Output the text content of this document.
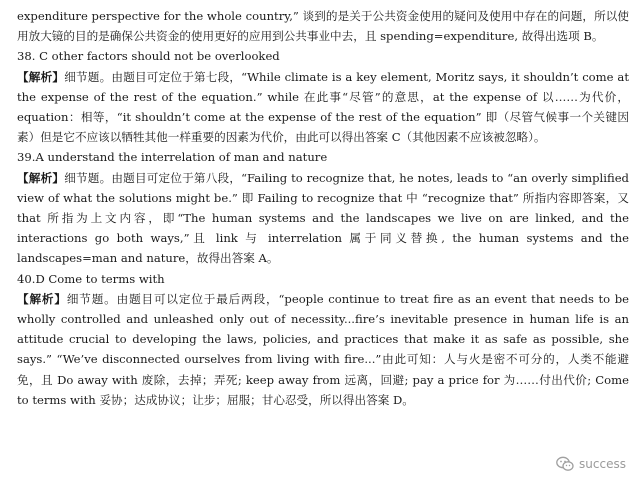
expenditure perspective for the whole country,” 谈到的是关于公共资金使用的疑问及使用中存在的问题，所以使用放大镜的目的是确保公共资金的使用更好的应用到公共事业中去，且 spending=expenditure, 故得出选项 B。

38. C other factors should not be overlooked

【解析】细节题。由题目可定位于第七段，“While climate is a key element, Moritz says, it shouldn’t come at the expense of the rest of the equation.” while 在此事“尽管”的意思，at the expense of 以……为代价，equation：相等，“it shouldn’t come at the expense of the rest of the equation” 即（尽管气候事一个关键因素）但是它不应该以牺牲其他一样重要的因素为代价，由此可以得出答案 C（其他因素不应该被忽略）。

39.A understand the interrelation of man and nature

【解析】细节题。由题目可定位于第八段，“Failing to recognize that, he notes, leads to “an overly simplified view of what the solutions might be.” 即 Failing to recognize that 中 “recognize that” 所指内容即答案，又 that 所指为上文内容，即“The human systems and the landscapes we live on are linked, and the interactions go both ways,”且 link 与 interrelation 属于同义替换, the human systems and the landscapes=man and nature，故得出答案 A。

40.D Come to terms with

【解析】细节题。由题目可以定位于最后两段，“people continue to treat fire as an event that needs to be wholly controlled and unleashed only out of necessity...fire’s inevitable presence in human life is an attitude crucial to developing the laws, policies, and practices that make it as safe as possible, she says.” “We’ve disconnected ourselves from living with fire...”由此可知：人与火是密不可分的，人类不能避免，且 Do away with 废除，去掉；弄死; keep away from 远离，回避; pay a price for 为……付出代价; Come to terms with 妥协；达成协议；让步；屈服；甘心忍受，所以得出答案 D。

success
